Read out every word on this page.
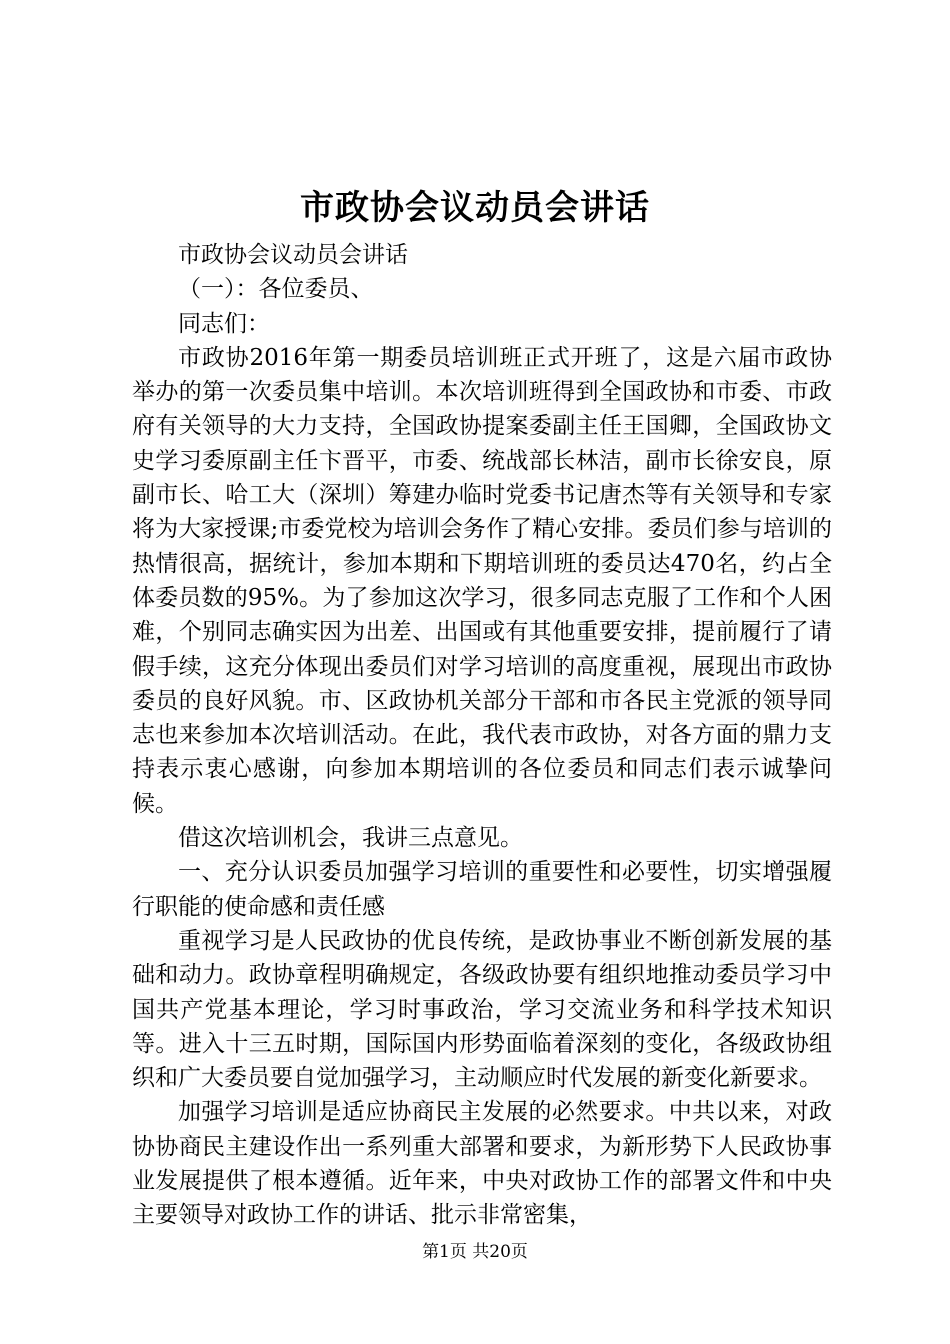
市政协会议动员会讲话

市政协会议动员会讲话

（一）：各位委员、

同志们：

市政协2016年第一期委员培训班正式开班了，这是六届市政协举办的第一次委员集中培训。本次培训班得到全国政协和市委、市政府有关领导的大力支持，全国政协提案委副主任王国卿，全国政协文史学习委原副主任卞晋平，市委、统战部长林洁，副市长徐安良，原副市长、哈工大（深圳）筹建办临时党委书记唐杰等有关领导和专家将为大家授课;市委党校为培训会务作了精心安排。委员们参与培训的热情很高，据统计，参加本期和下期培训班的委员达470名，约占全体委员数的95%。为了参加这次学习，很多同志克服了工作和个人困难，个别同志确实因为出差、出国或有其他重要安排，提前履行了请假手续，这充分体现出委员们对学习培训的高度重视，展现出市政协委员的良好风貌。市、区政协机关部分干部和市各民主党派的领导同志也来参加本次培训活动。在此，我代表市政协，对各方面的鼎力支持表示衷心感谢，向参加本期培训的各位委员和同志们表示诚挚问候。

借这次培训机会，我讲三点意见。

一、充分认识委员加强学习培训的重要性和必要性，切实增强履行职能的使命感和责任感

重视学习是人民政协的优良传统，是政协事业不断创新发展的基础和动力。政协章程明确规定，各级政协要有组织地推动委员学习中国共产党基本理论，学习时事政治，学习交流业务和科学技术知识等。进入十三五时期，国际国内形势面临着深刻的变化，各级政协组织和广大委员要自觉加强学习，主动顺应时代发展的新变化新要求。

加强学习培训是适应协商民主发展的必然要求。中共以来，对政协协商民主建设作出一系列重大部署和要求，为新形势下人民政协事业发展提供了根本遵循。近年来，中央对政协工作的部署文件和中央主要领导对政协工作的讲话、批示非常密集，

第1页 共20页
